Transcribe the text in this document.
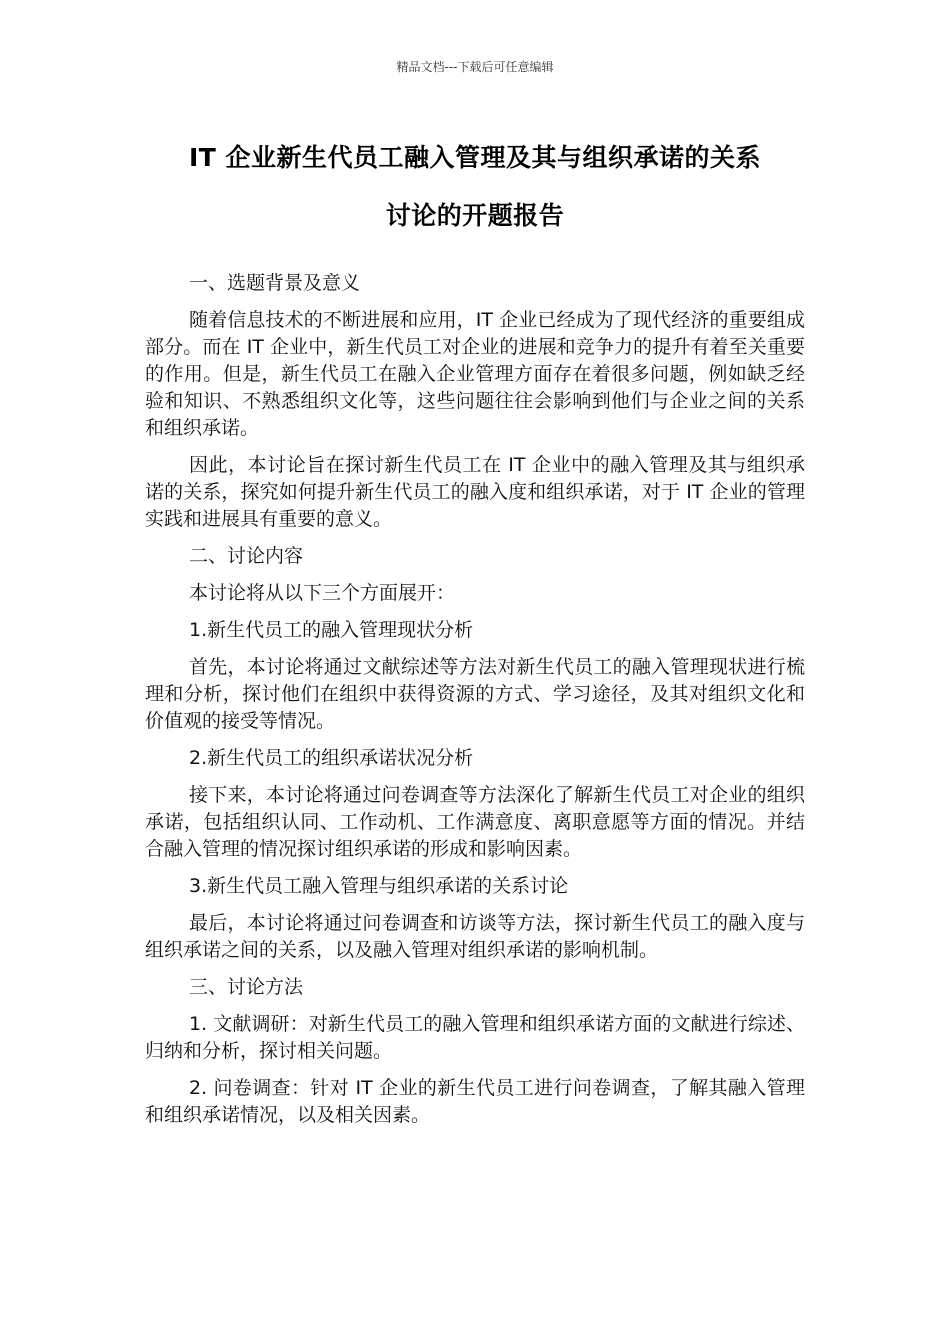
精品文档---下载后可任意编辑
IT 企业新生代员工融入管理及其与组织承诺的关系
讨论的开题报告

一、选题背景及意义

随着信息技术的不断进展和应用，IT 企业已经成为了现代经济的重要组成部分。而在 IT 企业中，新生代员工对企业的进展和竞争力的提升有着至关重要的作用。但是，新生代员工在融入企业管理方面存在着很多问题，例如缺乏经验和知识、不熟悉组织文化等，这些问题往往会影响到他们与企业之间的关系和组织承诺。

因此，本讨论旨在探讨新生代员工在 IT 企业中的融入管理及其与组织承诺的关系，探究如何提升新生代员工的融入度和组织承诺，对于 IT 企业的管理实践和进展具有重要的意义。

二、讨论内容

本讨论将从以下三个方面展开：

1.新生代员工的融入管理现状分析

首先，本讨论将通过文献综述等方法对新生代员工的融入管理现状进行梳理和分析，探讨他们在组织中获得资源的方式、学习途径，及其对组织文化和价值观的接受等情况。

2.新生代员工的组织承诺状况分析

接下来，本讨论将通过问卷调查等方法深化了解新生代员工对企业的组织承诺，包括组织认同、工作动机、工作满意度、离职意愿等方面的情况。并结合融入管理的情况探讨组织承诺的形成和影响因素。

3.新生代员工融入管理与组织承诺的关系讨论

最后，本讨论将通过问卷调查和访谈等方法，探讨新生代员工的融入度与组织承诺之间的关系，以及融入管理对组织承诺的影响机制。

三、讨论方法

1. 文献调研：对新生代员工的融入管理和组织承诺方面的文献进行综述、归纳和分析，探讨相关问题。

2. 问卷调查：针对 IT 企业的新生代员工进行问卷调查，了解其融入管理和组织承诺情况，以及相关因素。
